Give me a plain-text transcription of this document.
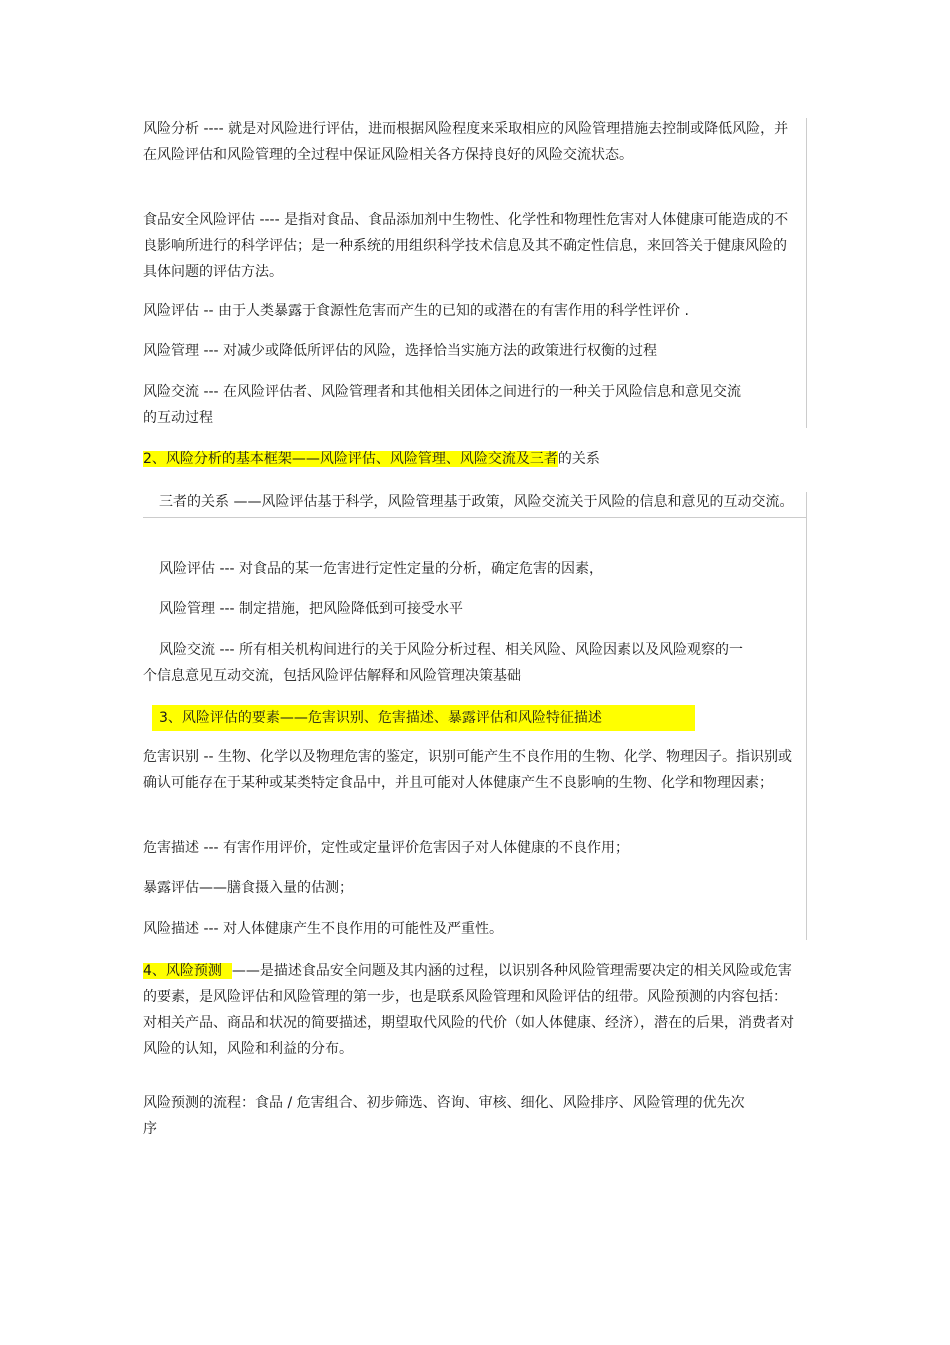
风险分析 ---- 就是对风险进行评估，进而根据风险程度来采取相应的风险管理措施去控制或降低风险，并在风险评估和风险管理的全过程中保证风险相关各方保持良好的风险交流状态。

食品安全风险评估 ---- 是指对食品、食品添加剂中生物性、化学性和物理性危害对人体健康可能造成的不良影响所进行的科学评估；是一种系统的用组织科学技术信息及其不确定性信息，来回答关于健康风险的具体问题的评估方法。

风险评估 -- 由于人类暴露于食源性危害而产生的已知的或潜在的有害作用的科学性评价 .

风险管理 --- 对减少或降低所评估的风险，选择恰当实施方法的政策进行权衡的过程

风险交流 --- 在风险评估者、风险管理者和其他相关团体之间进行的一种关于风险信息和意见交流的互动过程

2、风险分析的基本框架——风险评估、风险管理、风险交流及三者的关系

三者的关系 ——风险评估基于科学，风险管理基于政策，风险交流关于风险的信息和意见的互动交流。

风险评估 --- 对食品的某一危害进行定性定量的分析，确定危害的因素，

风险管理 --- 制定措施，把风险降低到可接受水平

风险交流 --- 所有相关机构间进行的关于风险分析过程、相关风险、风险因素以及风险观察的一个信息意见互动交流，包括风险评估解释和风险管理决策基础

3、风险评估的要素——危害识别、危害描述、暴露评估和风险特征描述

危害识别 -- 生物、化学以及物理危害的鉴定，识别可能产生不良作用的生物、化学、物理因子。指识别或确认可能存在于某种或某类特定食品中，并且可能对人体健康产生不良影响的生物、化学和物理因素；

危害描述 --- 有害作用评价，定性或定量评价危害因子对人体健康的不良作用；

暴露评估——膳食摄入量的估测；

风险描述 --- 对人体健康产生不良作用的可能性及严重性。

4、风险预测 ——是描述食品安全问题及其内涵的过程，以识别各种风险管理需要决定的相关风险或危害的要素，是风险评估和风险管理的第一步，也是联系风险管理和风险评估的纽带。风险预测的内容包括：对相关产品、商品和状况的简要描述，期望取代风险的代价（如人体健康、经济），潜在的后果，消费者对风险的认知，风险和利益的分布。

风险预测的流程：食品 / 危害组合、初步筛选、咨询、审核、细化、风险排序、风险管理的优先次序
